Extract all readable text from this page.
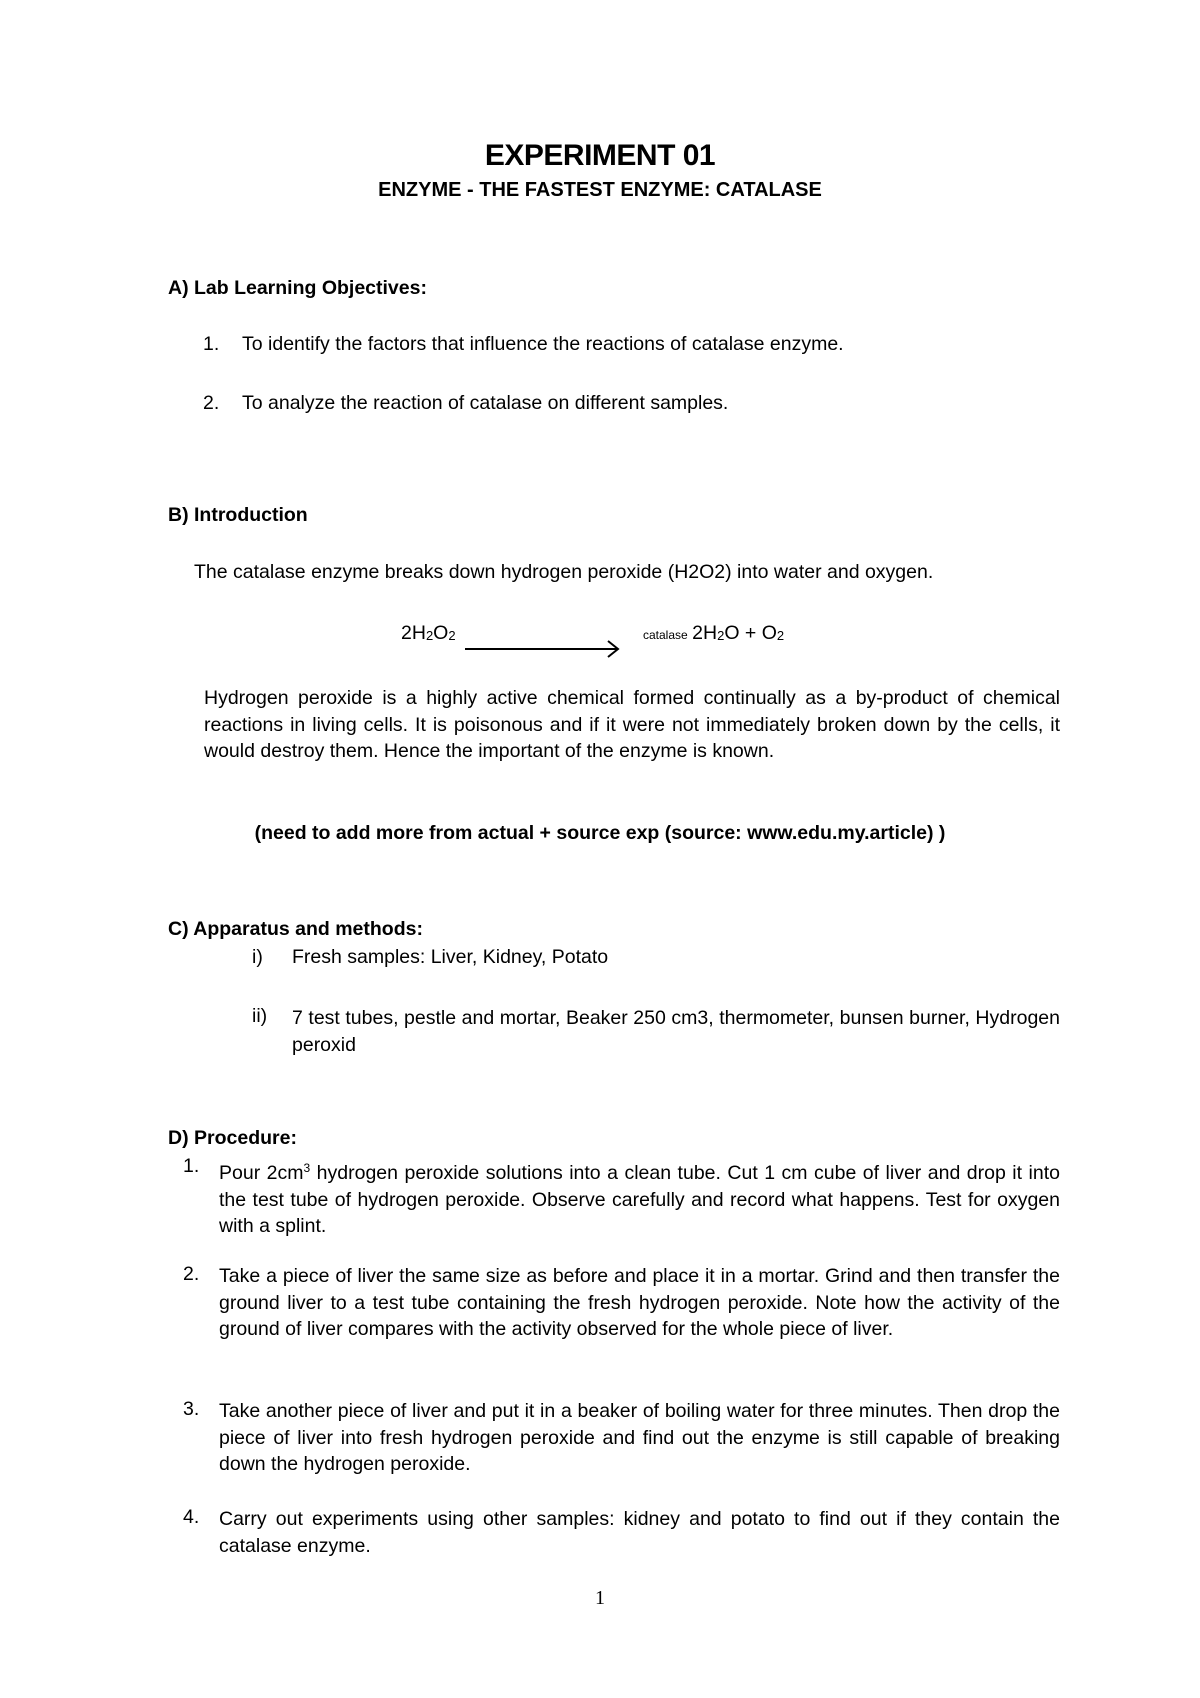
EXPERIMENT 01
ENZYME - THE FASTEST ENZYME: CATALASE
A) Lab Learning Objectives:
1.	To identify the factors that influence the reactions of catalase enzyme.
2.	To analyze the reaction of catalase on different samples.
B) Introduction
The catalase enzyme breaks down hydrogen peroxide (H2O2) into water and oxygen.
2H2O2	catalase 2H2O + O2
Hydrogen peroxide is a highly active chemical formed continually as a by-product of chemical reactions in living cells. It is poisonous and if it were not immediately broken down by the cells, it would destroy them. Hence the important of the enzyme is known.
(need to add more from actual + source exp (source: www.edu.my.article) )
C) Apparatus and methods:
i)	Fresh samples: Liver, Kidney, Potato
ii)	7 test tubes, pestle and mortar, Beaker 250 cm3, thermometer, bunsen burner, Hydrogen peroxid
D) Procedure:
1.	Pour $2cm^3$ hydrogen peroxide solutions into a clean tube. Cut 1 cm cube of liver and drop it into the test tube of hydrogen peroxide. Observe carefully and record what happens. Test for oxygen with a splint.
2.	Take a piece of liver the same size as before and place it in a mortar. Grind and then transfer the ground liver to a test tube containing the fresh hydrogen peroxide. Note how the activity of the ground of liver compares with the activity observed for the whole piece of liver.
3.	Take another piece of liver and put it in a beaker of boiling water for three minutes. Then drop the piece of liver into fresh hydrogen peroxide and find out the enzyme is still capable of breaking down the hydrogen peroxide.
4.	Carry out experiments using other samples: kidney and potato to find out if they contain the catalase enzyme.
1
